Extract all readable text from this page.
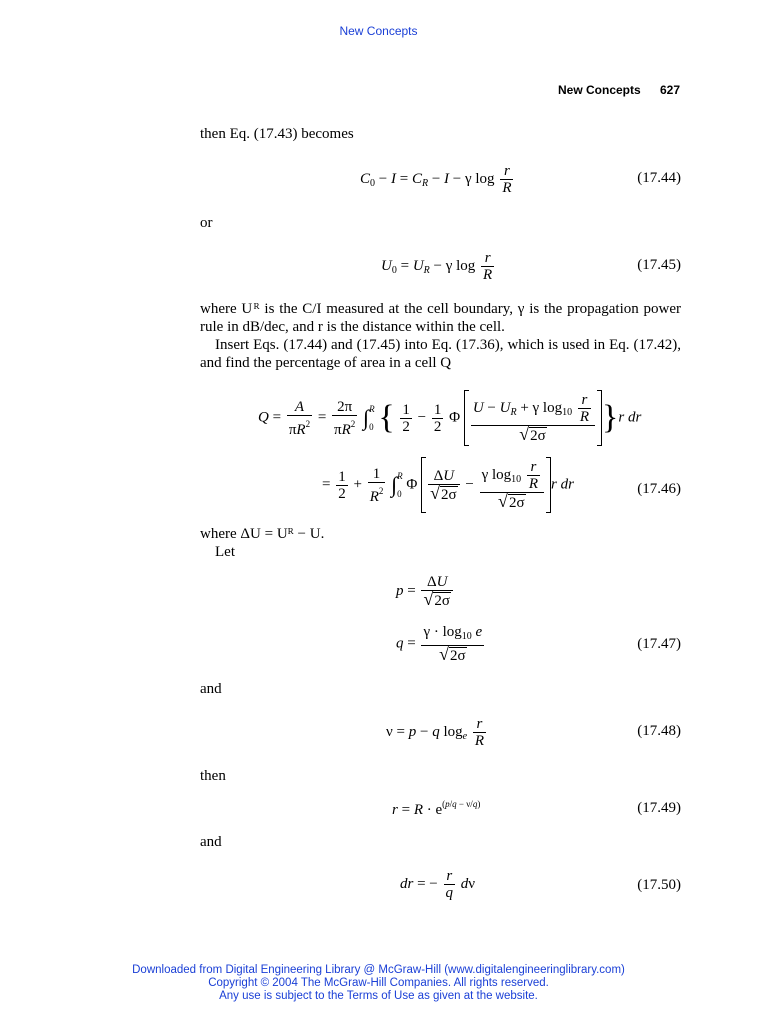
New Concepts
New Concepts 627
then Eq. (17.43) becomes
$C_0 - I = C_R - I - \gamma$ $\log \frac{r}{R}$	(17.44)
or
$U_0 = U_R - \gamma$ $\log \frac{r}{R}$	(17.45)
where U ᴿ is the C/I measured at the cell boundary, γ is the propagation power rule in dB/dec, and r is the distance within the cell.
Insert Eqs. (17.44) and (17.45) into Eq. (17.36), which is used in Eq. (17.42), and find the percentage of area in a cell Q
$Q = \frac{A}{\pi R^2} = \frac{2\pi}{\pi R^2}$ ∫ R
0 { $\frac{1}{2} - \frac{1}{2}$ Φ $\frac{U - U_R + \gamma \log_{10} \frac{r}{R}}{√2\sigma} \}r$ dr
= $\frac{1}{2} + \frac{1}{R^2}$ ∫ R
0
Φ $\frac{\Delta U}{√2\sigma} - \frac{\gamma \log_{10} \frac{r}{R}}{√2\sigma}$ r dr	(17.46)
where ΔU = Uᴿ − U.
Let
$p = \frac{\Delta U}{√2\sigma}$
$q = \frac{\gamma \cdot \log_{10} e}{√2\sigma}$	(17.47)
and
ν = p − q $\log_e \frac{r}{R}$	(17.48)
then
$r = R \cdot e^{(p/q - \nu/q)}$	(17.49)
and
dr = − $\frac{r}{q}$ dν	(17.50)
Downloaded from Digital Engineering Library @ McGraw-Hill (www.digitalengineeringlibrary.com)
Copyright © 2004 The McGraw-Hill Companies. All rights reserved.
Any use is subject to the Terms of Use as given at the website.
